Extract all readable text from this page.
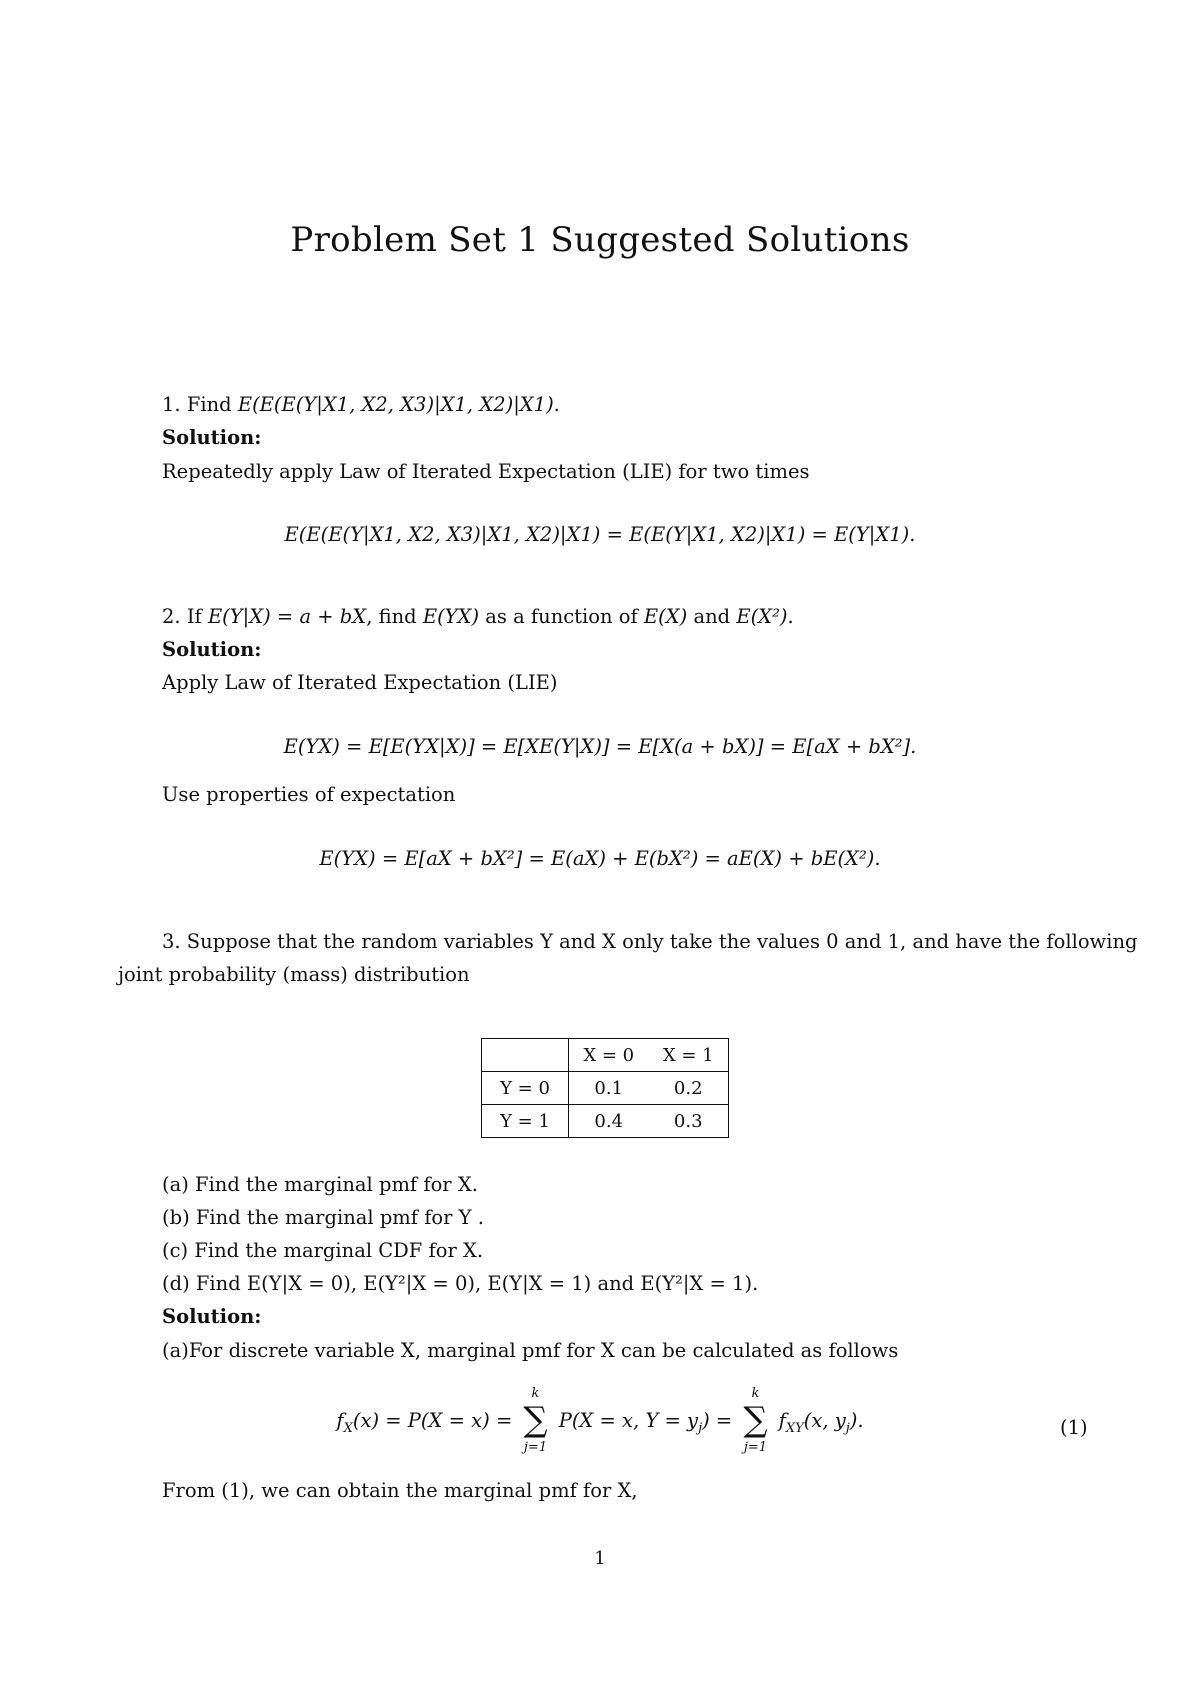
Problem Set 1 Suggested Solutions
1. Find E(E(E(Y|X1, X2, X3)|X1, X2)|X1).
Solution:
Repeatedly apply Law of Iterated Expectation (LIE) for two times
E(E(E(Y|X1, X2, X3)|X1, X2)|X1) = E(E(Y|X1, X2)|X1) = E(Y|X1).
2. If E(Y|X) = a + bX, find E(YX) as a function of E(X) and E(X²).
Solution:
Apply Law of Iterated Expectation (LIE)
E(YX) = E[E(YX|X)] = E[XE(Y|X)] = E[X(a + bX)] = E[aX + bX²].
Use properties of expectation
E(YX) = E[aX + bX²] = E(aX) + E(bX²) = aE(X) + bE(X²).
3. Suppose that the random variables Y and X only take the values 0 and 1, and have the following
joint probability (mass) distribution
	X = 0	X = 1
Y = 0	0.1	0.2
Y = 1	0.4	0.3
(a) Find the marginal pmf for X.
(b) Find the marginal pmf for Y .
(c) Find the marginal CDF for X.
(d) Find E(Y|X = 0), E(Y²|X = 0), E(Y|X = 1) and E(Y²|X = 1).
Solution:
(a)For discrete variable X, marginal pmf for X can be calculated as follows
$f_X(x) = P(X = x)$ =
k
∑
j=1
P(X = x, $Y = y_j$) =
k
∑
j=1
$f_{XY}(x$, $y_j$).	(1)
From (1), we can obtain the marginal pmf for X,
1
